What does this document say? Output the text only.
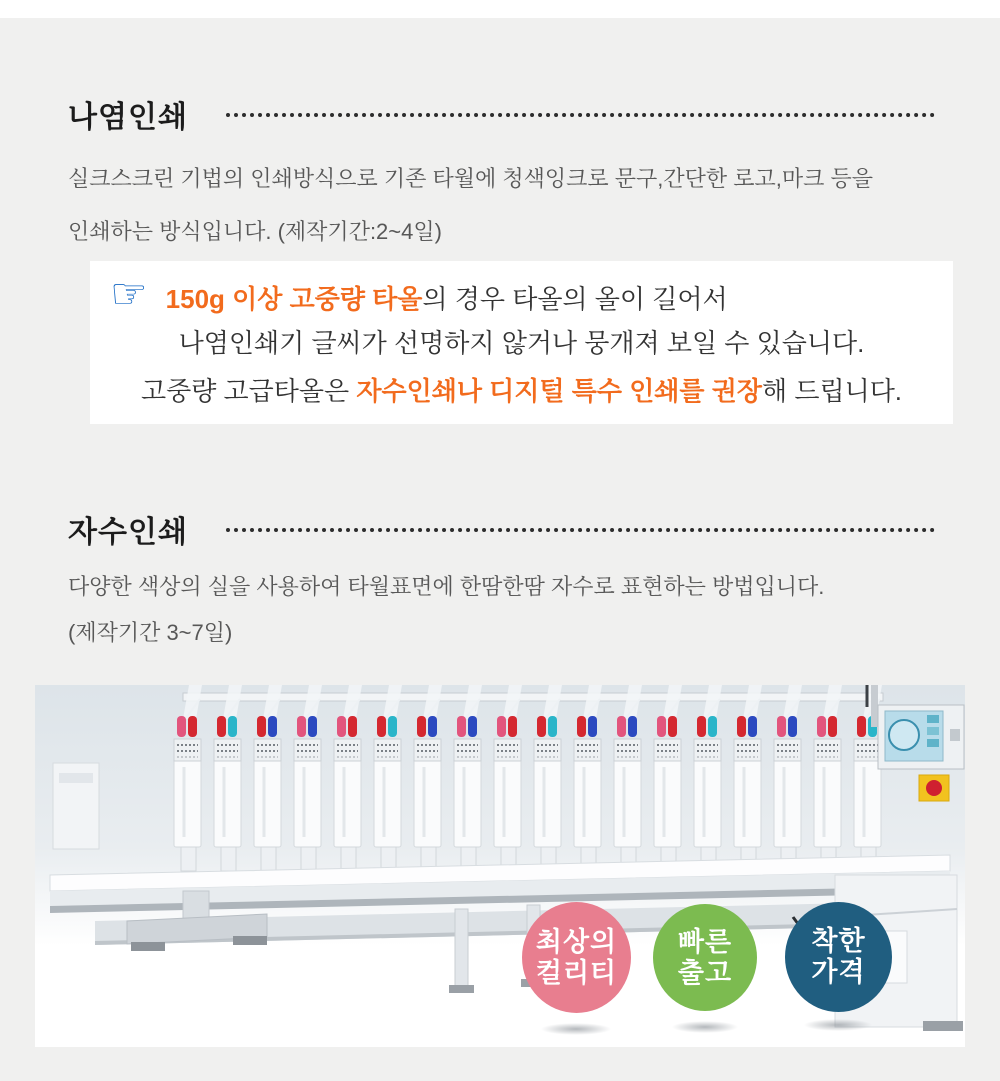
나염인쇄
실크스크린 기법의 인쇄방식으로 기존 타월에 청색잉크로 문구,간단한 로고,마크 등을
인쇄하는 방식입니다. (제작기간:2~4일)
☞ 150g 이상 고중량 타올의 경우 타올의 올이 길어서
나염인쇄기 글씨가 선명하지 않거나 뭉개져 보일 수 있습니다.
고중량 고급타올은 자수인쇄나 디지털 특수 인쇄를 권장해 드립니다.
자수인쇄
다양한 색상의 실을 사용하여 타월표면에 한땀한땀 자수로 표현하는 방법입니다.
(제작기간 3~7일)
최상의
컬리티
빠른
출고
착한
가격
